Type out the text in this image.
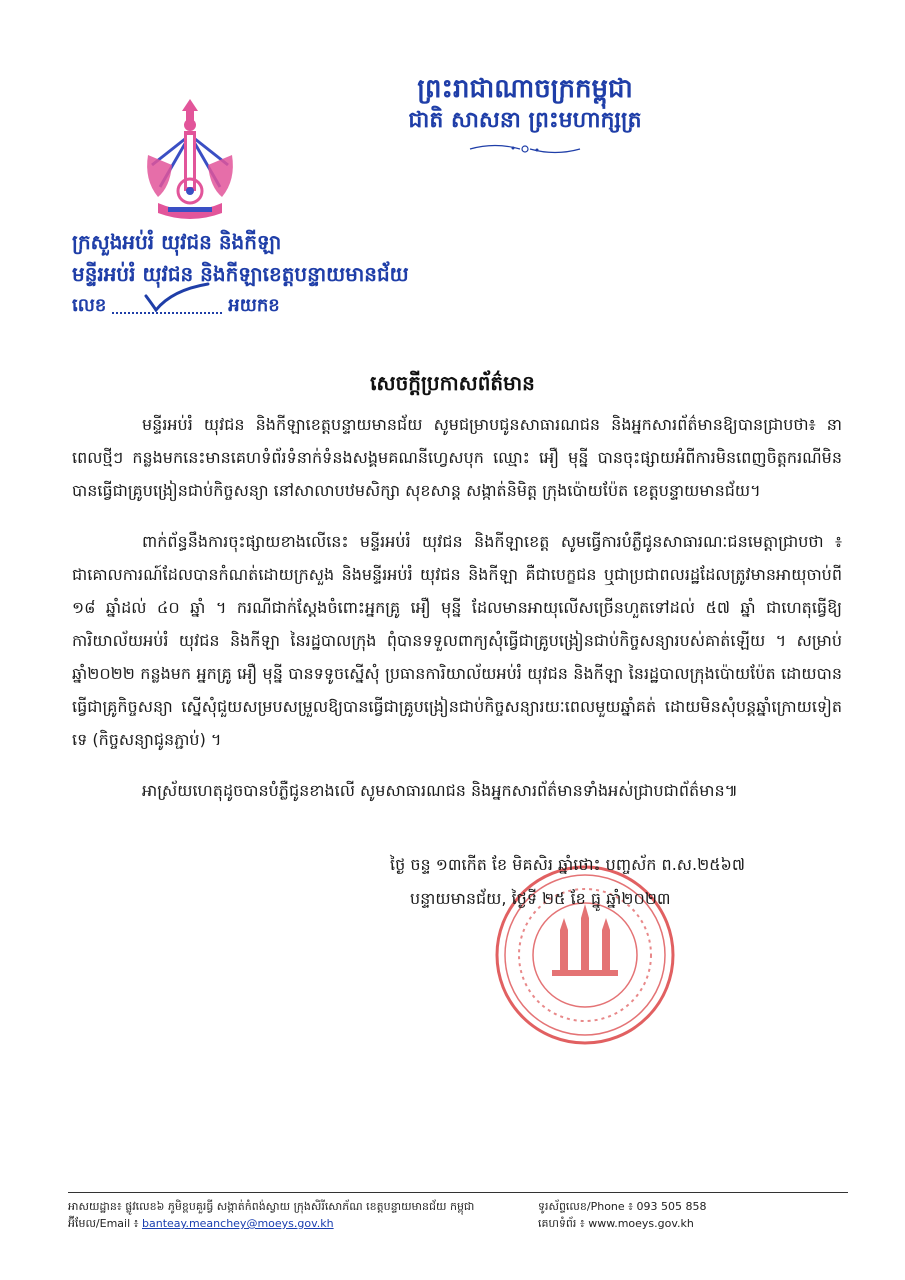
ព្រះរាជាណាចក្រកម្ពុជា
ជាតិ សាសនា ព្រះមហាក្សត្រ
ក្រសួងអប់រំ យុវជន និងកីឡា
មន្ទីរអប់រំ យុវជន និងកីឡាខេត្តបន្ទាយមានជ័យ
លេខ	អយកខ
សេចក្តីប្រកាសព័ត៌មាន

មន្ទីរអប់រំ យុវជន និងកីឡាខេត្តបន្ទាយមានជ័យ សូមជម្រាបជូនសាធារណជន និងអ្នកសារព័ត៌មានឱ្យបានជ្រាបថា៖ នាពេលថ្មីៗ កន្លងមកនេះមានគេហទំព័រទំនាក់ទំនងសង្គមគណនីហ្វេសបុក ឈ្មោះ អឿ មុន្នី បានចុះផ្សាយអំពីការមិនពេញចិត្តករណីមិនបានធ្វើជាគ្រូបង្រៀនជាប់កិច្ចសន្យា នៅសាលាបឋមសិក្សា សុខសាន្ត សង្កាត់និមិត្ត ក្រុងប៉ោយប៉ែត ខេត្តបន្ទាយមានជ័យ។

ពាក់ព័ន្ធនឹងការចុះផ្សាយខាងលើនេះ មន្ទីរអប់រំ យុវជន និងកីឡាខេត្ត សូមធ្វើការបំភ្លឺជូនសាធារណៈជនមេត្តាជ្រាបថា ៖ ជាគោលការណ៍ដែលបានកំណត់ដោយក្រសួង និងមន្ទីរអប់រំ យុវជន និងកីឡា គឺជាបេក្ខជន ឬជាប្រជាពលរដ្ឋដែលត្រូវមានអាយុចាប់ពី ១៨ ឆ្នាំដល់ ៤០ ឆ្នាំ ។ ករណីជាក់ស្តែងចំពោះអ្នកគ្រូ អឿ មុន្នី ដែលមានអាយុលើសច្រើនហួតទៅដល់ ៥៧ ឆ្នាំ ជាហេតុធ្វើឱ្យការិយាល័យអប់រំ យុវជន និងកីឡា នៃរដ្ឋបាលក្រុង ពុំបានទទួលពាក្យសុំធ្វើជាគ្រូបង្រៀនជាប់កិច្ចសន្យារបស់គាត់ឡើយ ។ សម្រាប់ឆ្នាំ២០២២ កន្លងមក អ្នកគ្រូ អឿ មុន្នី បានទទូចស្នើសុំ ប្រធានការិយាល័យអប់រំ យុវជន និងកីឡា នៃរដ្ឋបាលក្រុងប៉ោយប៉ែត ដោយបានធ្វើជាគ្រូកិច្ចសន្យា ស្នើសុំជួយសម្របសម្រួលឱ្យបានធ្វើជាគ្រូបង្រៀនជាប់កិច្ចសន្យារយៈពេលមួយឆ្នាំគត់ ដោយមិនសុំបន្តឆ្នាំក្រោយទៀតទេ (កិច្ចសន្យាជូនភ្ជាប់) ។

អាស្រ័យហេតុដូចបានបំភ្លឺជូនខាងលើ សូមសាធារណជន និងអ្នកសារព័ត៌មានទាំងអស់ជ្រាបជាព័ត៌មាន៕

ថ្ងៃ ចន្ទ ១៣កើត ខែ មិគសិរ ឆ្នាំថោះ បញ្ចស័ក ព.ស.២៥៦៧
បន្ទាយមានជ័យ, ថ្ងៃទី ២៥ ខែ ធ្នូ ឆ្នាំ២០២៣
អាសយដ្ឋាន៖ ផ្លូវលេខ៦ ភូមិខ្ពបគួរធ្វី សង្កាត់កំពង់ស្វាយ ក្រុងសិរីសោភ័ណ ខេត្តបន្ទាយមានជ័យ កម្ពុជា
អ៊ីមែល/Email ៖ banteay.meanchey@moeys.gov.kh
ទូរស័ព្ទលេខ/Phone ៖ 093 505 858
គេហទំព័រ ៖ www.moeys.gov.kh
